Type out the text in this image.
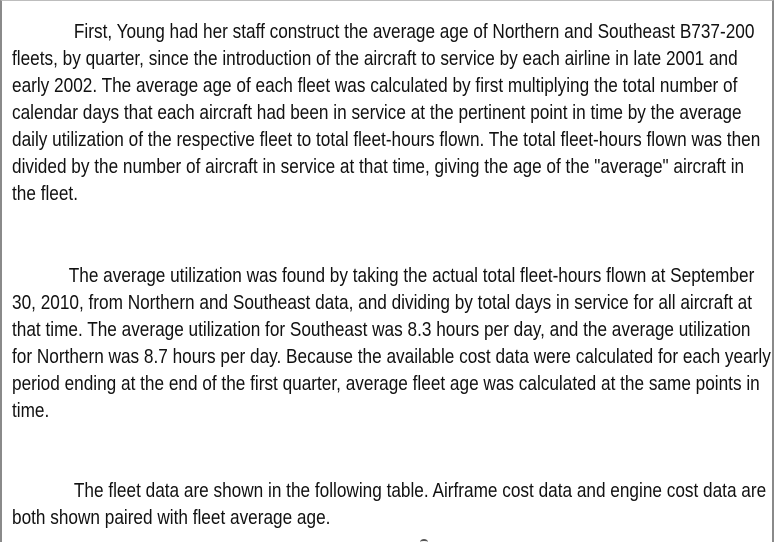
First, Young had her staff construct the average age of Northern and Southeast B737-200 fleets, by quarter, since the introduction of the aircraft to service by each airline in late 2001 and early 2002. The average age of each fleet was calculated by first multiplying the total number of calendar days that each aircraft had been in service at the pertinent point in time by the average daily utilization of the respective fleet to total fleet-hours flown. The total fleet-hours flown was then divided by the number of aircraft in service at that time, giving the age of the "average" aircraft in the fleet.

The average utilization was found by taking the actual total fleet-hours flown at September 30, 2010, from Northern and Southeast data, and dividing by total days in service for all aircraft at that time. The average utilization for Southeast was 8.3 hours per day, and the average utilization for Northern was 8.7 hours per day. Because the available cost data were calculated for each yearly period ending at the end of the first quarter, average fleet age was calculated at the same points in time.

The fleet data are shown in the following table. Airframe cost data and engine cost data are both shown paired with fleet average age.
